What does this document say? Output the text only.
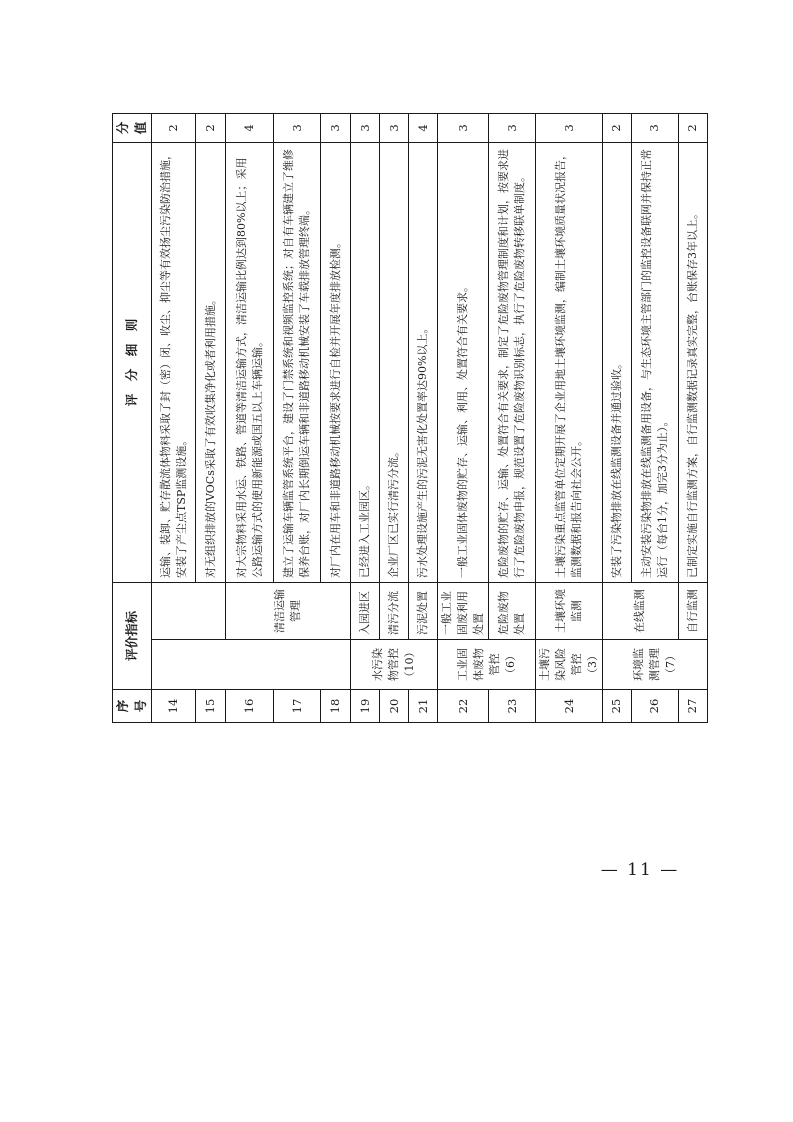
序号	评价指标		评　分　细　则	分值
14			运输、装卸、贮存散流体物料采取了封（密）闭、收尘、抑尘等有效扬尘污染防治措施，安装了产尘点TSP监测设施。	2
15			对无组织排放的VOCs采取了有效收集净化或者利用措施。	2
16		清洁运输管理	对大宗物料采用水运、铁路、管道等清洁运输方式，清洁运输比例达到80%以上；采用公路运输方式的使用新能源或国五以上车辆运输。	4
17			建立了运输车辆监管系统平台，建设了门禁系统和视频监控系统；对自有车辆建立了维修保养台账，对厂内长期倒运车辆和非道路移动机械安装了车载排放管理终端。	3
18			对厂内在用车和非道路移动机械按要求进行自检并开展年度排放检测。	3
19	水污染物管控（10）	入园进区	已经进入工业园区。	3
20		清污分流	企业厂区已实行清污分流。	3
21		污泥处置	污水处理设施产生的污泥无害化处置率达90%以上。	4
22	工业固体废物管控（6）	一般工业固废利用处置	一般工业固体废物的贮存、运输、利用、处置符合有关要求。	3
23		危险废物处置	危险废物的贮存、运输、处置符合有关要求，制定了危险废物管理制度和计划，按要求进行了危险废物申报，规范设置了危险废物识别标志，执行了危险废物转移联单制度。	3
24	土壤污染风险管控（3）	土壤环境监测	土壤污染重点监管单位定期开展了企业用地土壤环境监测，编制土壤环境质量状况报告，监测数据和报告向社会公开。	3
25	环境监测管理（7）	在线监测	安装了污染物排放在线监测设备并通过验收。	2
26			主动安装污染物排放在线监测备用设备，与生态环境主管部门的监控设备联网并保持正常运行（每台1分，加完3分为止）。	3
27		自行监测	已制定实施自行监测方案，自行监测数据记录真实完整，台账保存3年以上。	2
— 11 —
